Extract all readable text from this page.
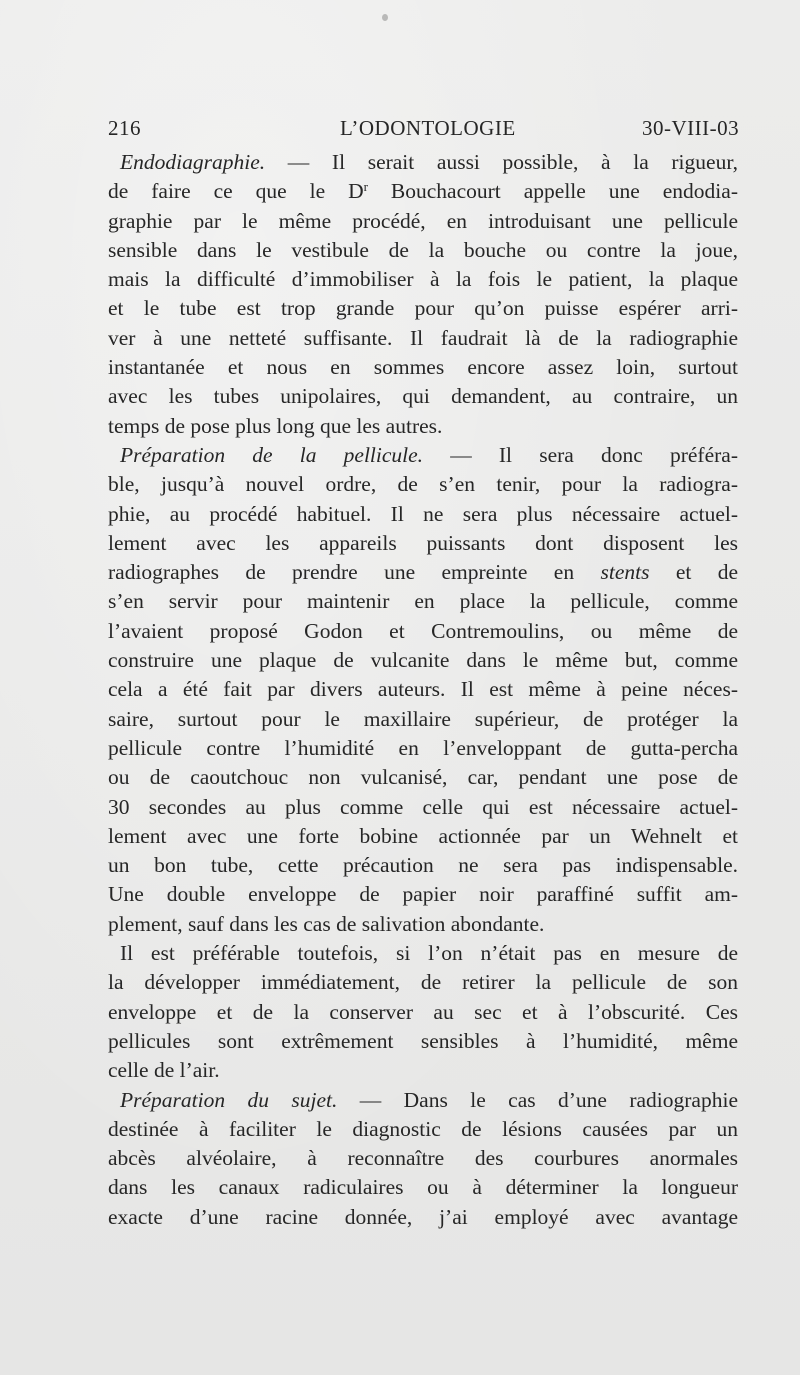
216	L’ODONTOLOGIE	30-VIII-03
Endodiagraphie. — Il serait aussi possible, à la rigueur,
de faire ce que le $D^r$ Bouchacourt appelle une endodia-
graphie par le même procédé, en introduisant une pellicule
sensible dans le vestibule de la bouche ou contre la joue,
mais la difficulté d’immobiliser à la fois le patient, la plaque
et le tube est trop grande pour qu’on puisse espérer arri-
ver à une netteté suffisante. Il faudrait là de la radiographie
instantanée et nous en sommes encore assez loin, surtout
avec les tubes unipolaires, qui demandent, au contraire, un
temps de pose plus long que les autres.
Préparation de la pellicule. — Il sera donc préféra-
ble, jusqu’à nouvel ordre, de s’en tenir, pour la radiogra-
phie, au procédé habituel. Il ne sera plus nécessaire actuel-
lement avec les appareils puissants dont disposent les
radiographes de prendre une empreinte en stents et de
s’en servir pour maintenir en place la pellicule, comme
l’avaient proposé Godon et Contremoulins, ou même de
construire une plaque de vulcanite dans le même but, comme
cela a été fait par divers auteurs. Il est même à peine néces-
saire, surtout pour le maxillaire supérieur, de protéger la
pellicule contre l’humidité en l’enveloppant de gutta-percha
ou de caoutchouc non vulcanisé, car, pendant une pose de
30 secondes au plus comme celle qui est nécessaire actuel-
lement avec une forte bobine actionnée par un Wehnelt et
un bon tube, cette précaution ne sera pas indispensable.
Une double enveloppe de papier noir paraffiné suffit am-
plement, sauf dans les cas de salivation abondante.
Il est préférable toutefois, si l’on n’était pas en mesure de
la développer immédiatement, de retirer la pellicule de son
enveloppe et de la conserver au sec et à l’obscurité. Ces
pellicules sont extrêmement sensibles à l’humidité, même
celle de l’air.
Préparation du sujet. — Dans le cas d’une radiographie
destinée à faciliter le diagnostic de lésions causées par un
abcès alvéolaire, à reconnaître des courbures anormales
dans les canaux radiculaires ou à déterminer la longueur
exacte d’une racine donnée, j’ai employé avec avantage
